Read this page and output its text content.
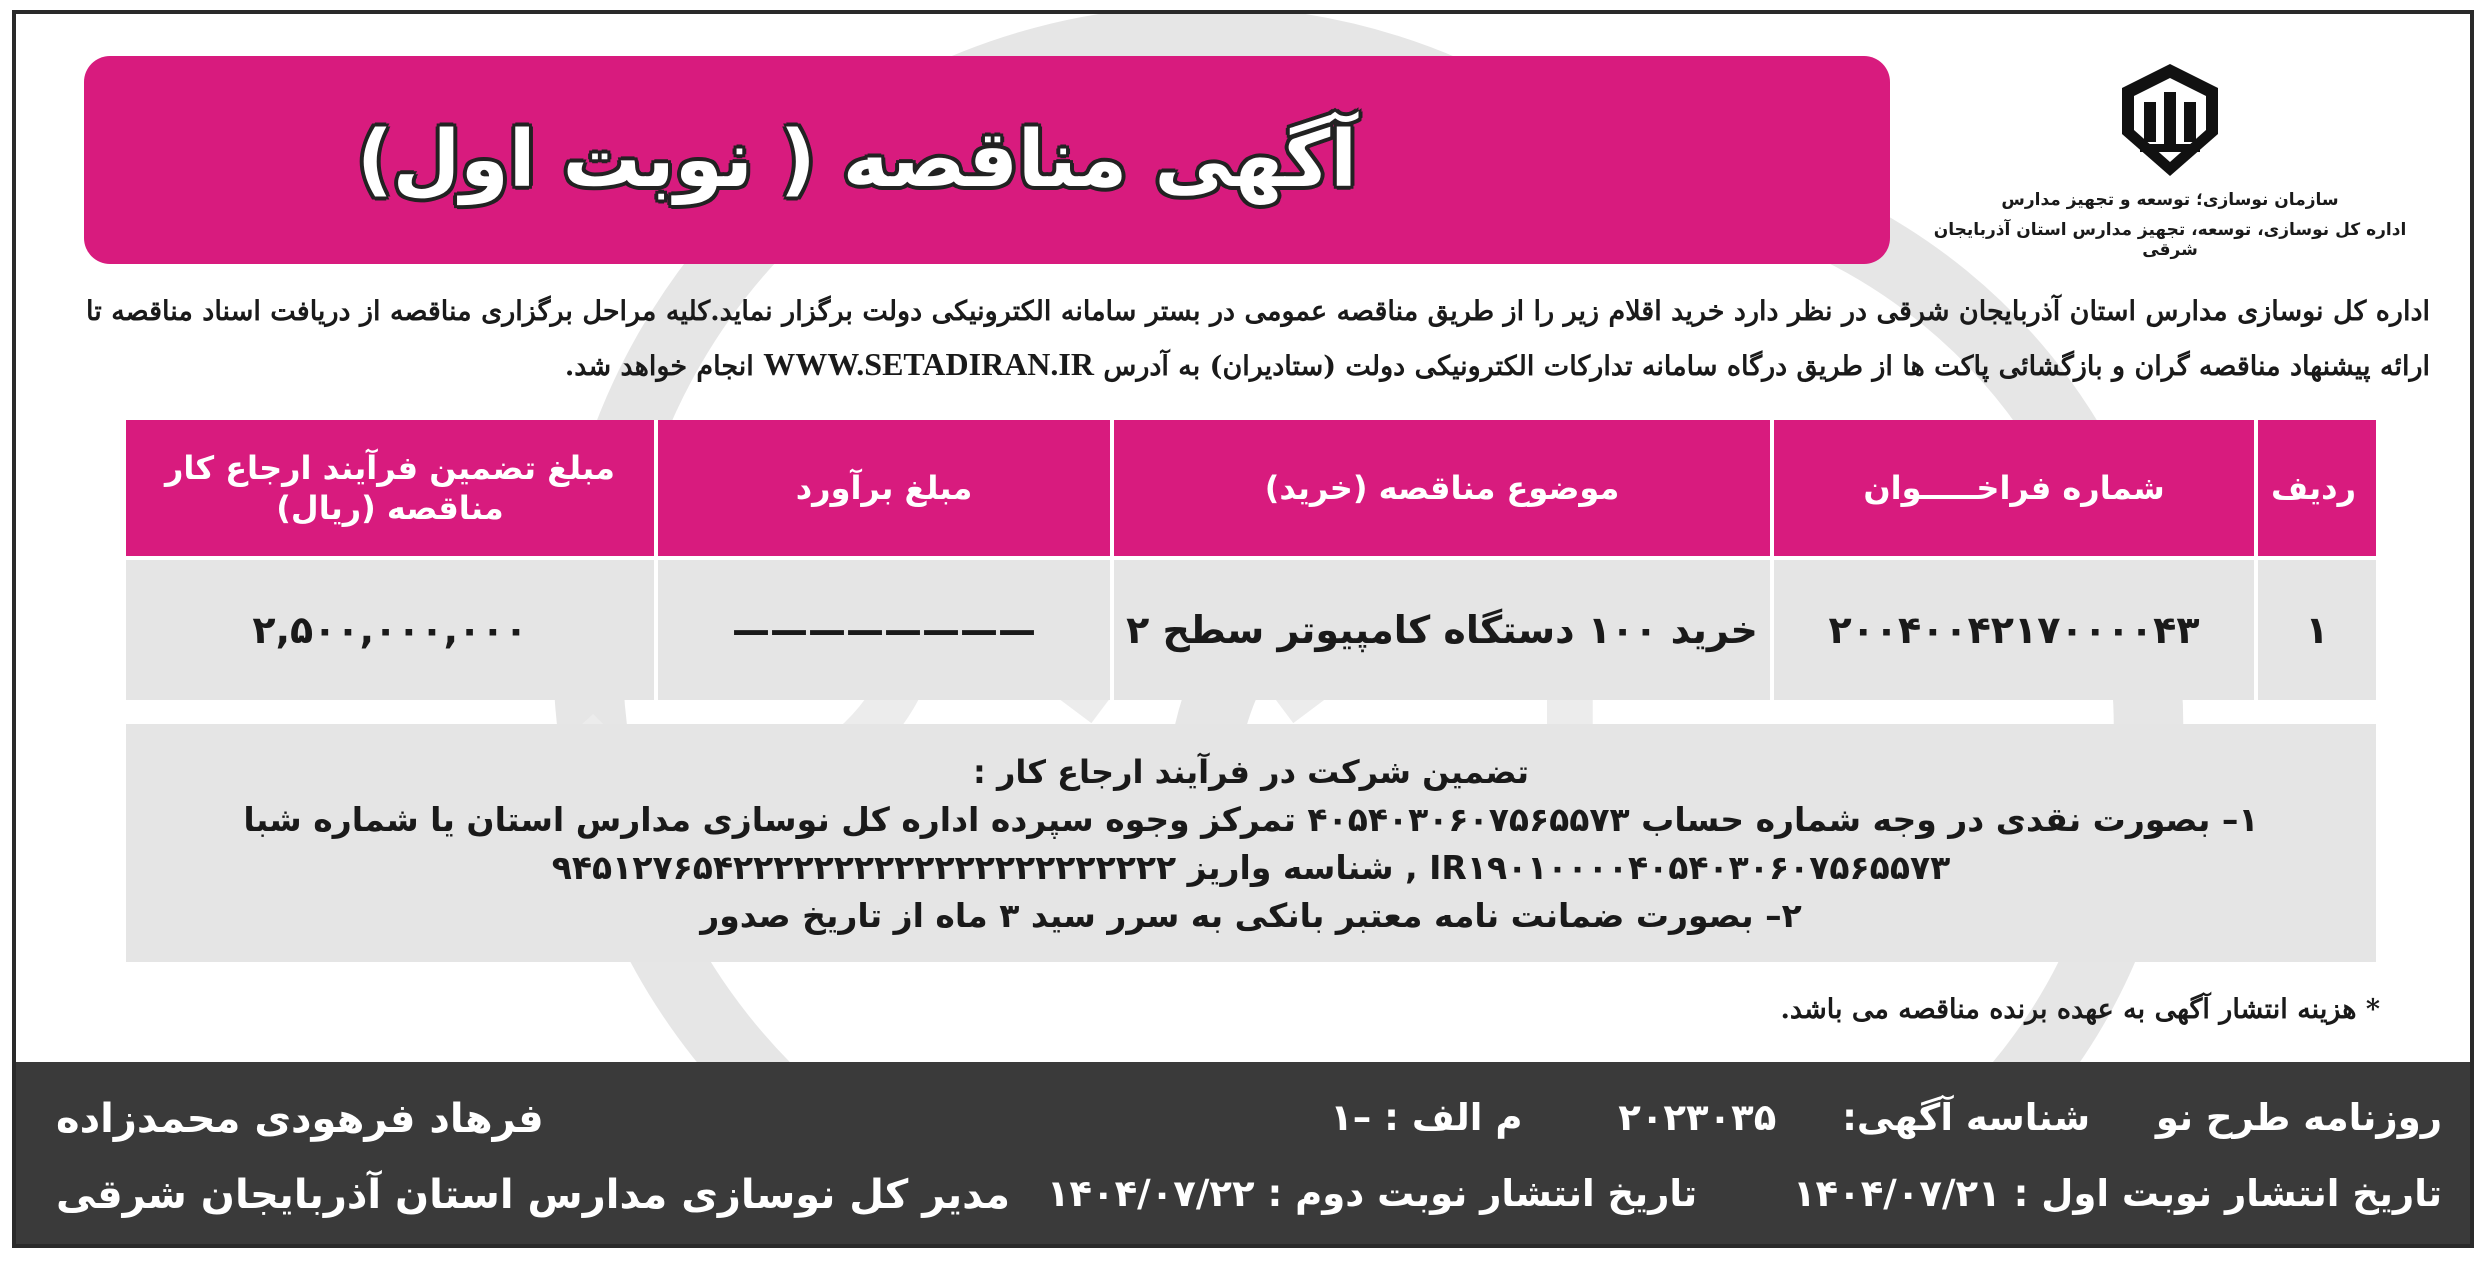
آگهی مناقصه ( نوبت اول)	سازمان نوسازی؛ توسعه و تجهیز مدارس
اداره کل نوسازی، توسعه، تجهیز مدارس استان آذربایجان شرقی
اداره کل نوسازی مدارس استان آذربایجان شرقی در نظر دارد خرید اقلام زیر را از طریق مناقصه عمومی در بستر سامانه الکترونیکی دولت برگزار نماید.کلیه مراحل برگزاری مناقصه از دریافت اسناد مناقصه تا ارائه پیشنهاد مناقصه گران و بازگشائی پاکت ها از طریق درگاه سامانه تدارکات الکترونیکی دولت (ستادیران) به آدرس WWW.SETADIRAN.IR انجام خواهد شد.
ردیف	شماره فراخـــــوان	موضوع مناقصه (خرید)	مبلغ برآورد	مبلغ تضمین فرآیند ارجاع کار مناقصه (ریال)
۱	۲۰۰۴۰۰۴۲۱۷۰۰۰۰۴۳	خرید ۱۰۰ دستگاه کامپیوتر سطح ۲	————————	۲,۵۰۰,۰۰۰,۰۰۰
تضمین شرکت در فرآیند ارجاع کار :
۱– بصورت نقدی در وجه شماره حساب ۴۰۵۴۰۳۰۶۰۷۵۶۵۵۷۳ تمرکز وجوه سپرده اداره کل نوسازی مدارس استان یا شماره شبا
IR۱۹۰۱۰۰۰۰۴۰۵۴۰۳۰۶۰۷۵۶۵۵۷۳ , شناسه واریز ۹۴۵۱۲۷۶۵۴۲۲۲۲۲۲۲۲۲۲۲۲۲۲۲۲۲۲۲۲۲۲
۲– بصورت ضمانت نامه معتبر بانکی به سرر سید ۳ ماه از تاریخ صدور
* هزینه انتشار آگهی به عهده برنده مناقصه می باشد.
روزنامه طرح نو  شناسه آگهی:  ۲۰۲۳۰۳۵  م الف : –۱
تاریخ انتشار نوبت اول : ۱۴۰۴/۰۷/۲۱  تاریخ انتشار نوبت دوم : ۱۴۰۴/۰۷/۲۲
فرهاد فرهودی محمدزاده
مدیر کل نوسازی مدارس استان آذربایجان شرقی
